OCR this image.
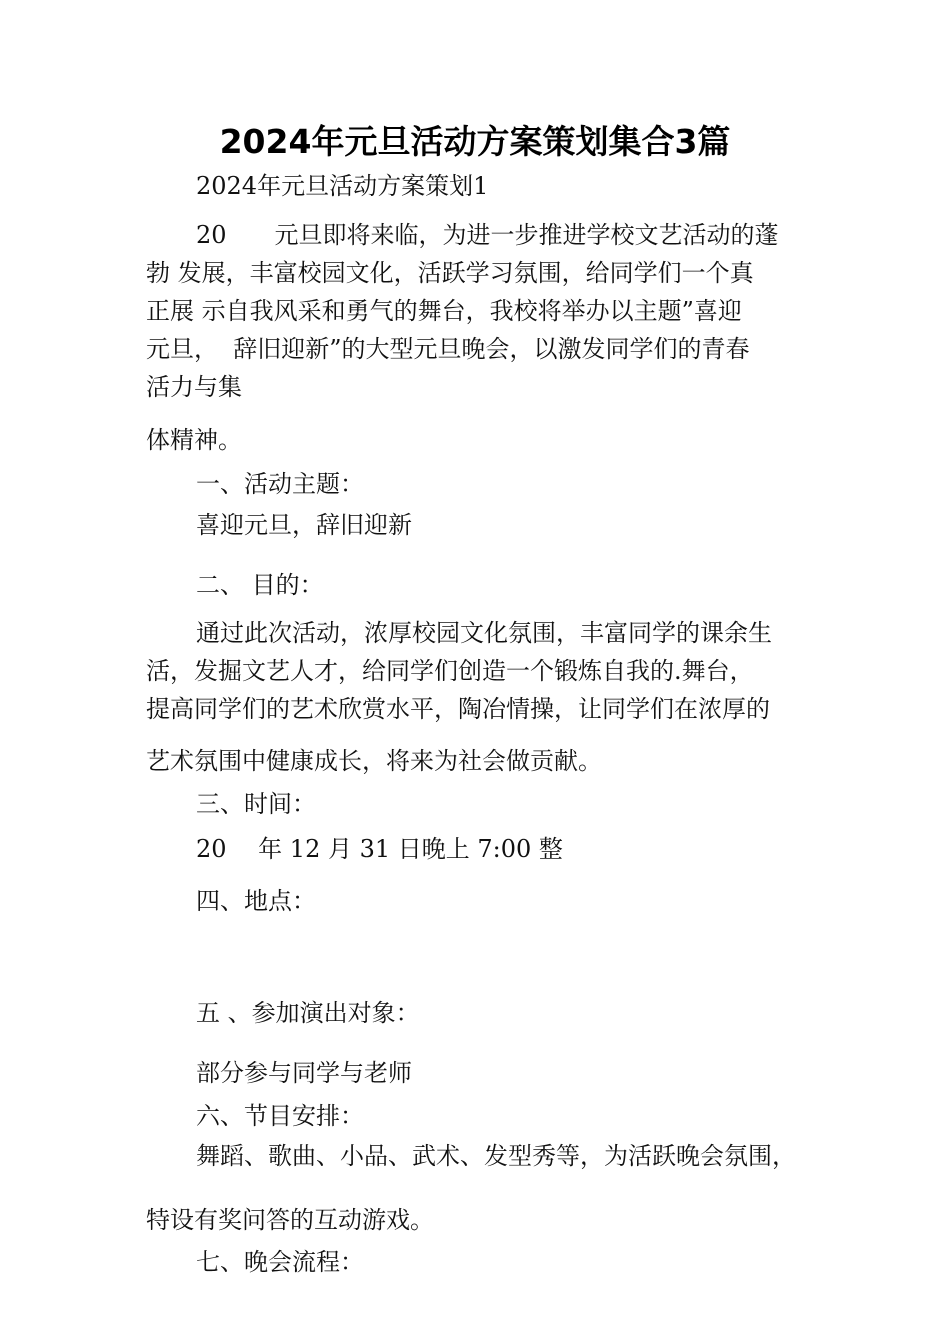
2024年元旦活动方案策划集合3篇
2024年元旦活动方案策划1
20　　元旦即将来临，为进一步推进学校文艺活动的蓬
勃 发展，丰富校园文化，活跃学习氛围，给同学们一个真
正展 示自我风采和勇气的舞台，我校将举办以主题”喜迎
元旦，  辞旧迎新”的大型元旦晚会，以激发同学们的青春
活力与集
体精神。
一、活动主题：
喜迎元旦，辞旧迎新
二、 目的：
通过此次活动，浓厚校园文化氛围，丰富同学的课余生
活，发掘文艺人才，给同学们创造一个锻炼自我的.舞台，
提高同学们的艺术欣赏水平，陶冶情操，让同学们在浓厚的
艺术氛围中健康成长，将来为社会做贡献。
三、时间：
20　 年 12 月 31 日晚上 7:00 整
四、地点：
五 、参加演出对象：
部分参与同学与老师
六、节目安排：
舞蹈、歌曲、小品、武术、发型秀等，为活跃晚会氛围，
特设有奖问答的互动游戏。
七、晚会流程：
